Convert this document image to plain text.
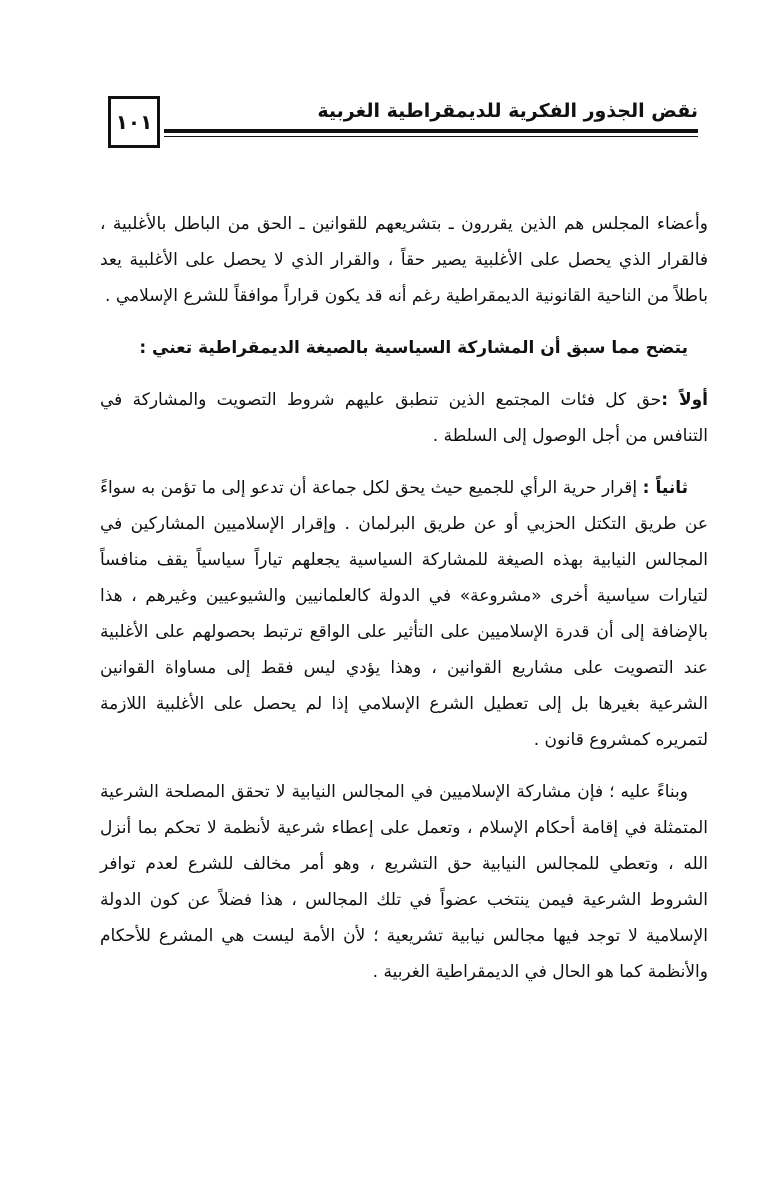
١٠١	نقض الجذور الفكرية للديمقراطية الغربية

وأعضاء المجلس هم الذين يقررون ـ بتشريعهم للقوانين ـ الحق من الباطل بالأغلبية ، فالقرار الذي يحصل على الأغلبية يصير حقاً ، والقرار الذي لا يحصل على الأغلبية يعد باطلاً من الناحية القانونية الديمقراطية رغم أنه قد يكون قراراً موافقاً للشرع الإسلامي .

يتضح مما سبق أن المشاركة السياسية بالصيغة الديمقراطية تعني :

أولاً :حق كل فئات المجتمع الذين تنطبق عليهم شروط التصويت والمشاركة في التنافس من أجل الوصول إلى السلطة .

ثانياً : إقرار حرية الرأي للجميع حيث يحق لكل جماعة أن تدعو إلى ما تؤمن به سواءً عن طريق التكتل الحزبي أو عن طريق البرلمان . وإقرار الإسلاميين المشاركين في المجالس النيابية بهذه الصيغة للمشاركة السياسية يجعلهم تياراً سياسياً يقف منافساً لتيارات سياسية أخرى «مشروعة» في الدولة كالعلمانيين والشيوعيين وغيرهم ، هذا بالإضافة إلى أن قدرة الإسلاميين على التأثير على الواقع ترتبط بحصولهم على الأغلبية عند التصويت على مشاريع القوانين ، وهذا يؤدي ليس فقط إلى مساواة القوانين الشرعية بغيرها بل إلى تعطيل الشرع الإسلامي إذا لم يحصل على الأغلبية اللازمة لتمريره كمشروع قانون .

وبناءً عليه ؛ فإن مشاركة الإسلاميين في المجالس النيابية لا تحقق المصلحة الشرعية المتمثلة في إقامة أحكام الإسلام ، وتعمل على إعطاء شرعية لأنظمة لا تحكم بما أنزل الله ، وتعطي للمجالس النيابية حق التشريع ، وهو أمر مخالف للشرع لعدم توافر الشروط الشرعية فيمن ينتخب عضواً في تلك المجالس ، هذا فضلاً عن كون الدولة الإسلامية لا توجد فيها مجالس نيابية تشريعية ؛ لأن الأمة ليست هي المشرع للأحكام والأنظمة كما هو الحال في الديمقراطية الغربية .
